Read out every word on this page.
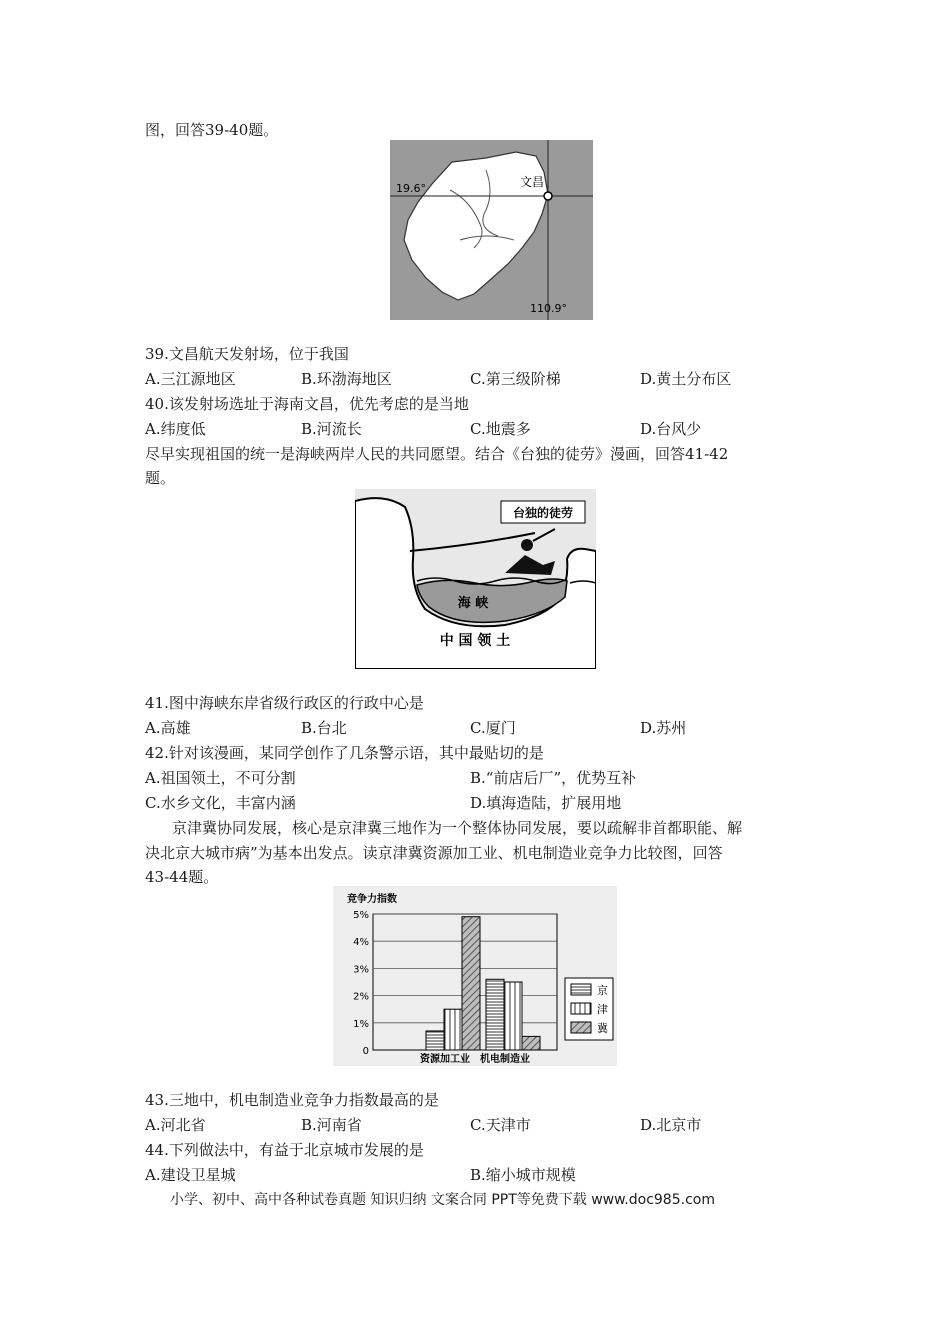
图，回答39-40题。
19.6°	文昌
110.9°
39.文昌航天发射场，位于我国
A.三江源地区	B.环渤海地区	C.第三级阶梯	D.黄土分布区
40.该发射场选址于海南文昌，优先考虑的是当地
A.纬度低	B.河流长	C.地震多	D.台风少
尽早实现祖国的统一是海峡两岸人民的共同愿望。结合《台独的徒劳》漫画，回答41-42
题。
台独的徒劳
海 峡
中 国 领 土
41.图中海峡东岸省级行政区的行政中心是
A.高雄	B.台北	C.厦门	D.苏州
42.针对该漫画，某同学创作了几条警示语，其中最贴切的是
A.祖国领土，不可分割	B.“前店后厂”，优势互补
C.水乡文化，丰富内涵	D.填海造陆，扩展用地
京津冀协同发展，核心是京津冀三地作为一个整体协同发展，要以疏解非首都职能、解
决北京大城市病”为基本出发点。读京津冀资源加工业、机电制造业竞争力比较图，回答
43-44题。
竞争力指数
0
1%
2%
3%
4%
5%
资源加工业 机电制造业
京
津
冀
43.三地中，机电制造业竞争力指数最高的是
A.河北省	B.河南省	C.天津市	D.北京市
44.下列做法中，有益于北京城市发展的是
A.建设卫星城	B.缩小城市规模
小学、初中、高中各种试卷真题 知识归纳 文案合同 PPT等免费下载 www.doc985.com
